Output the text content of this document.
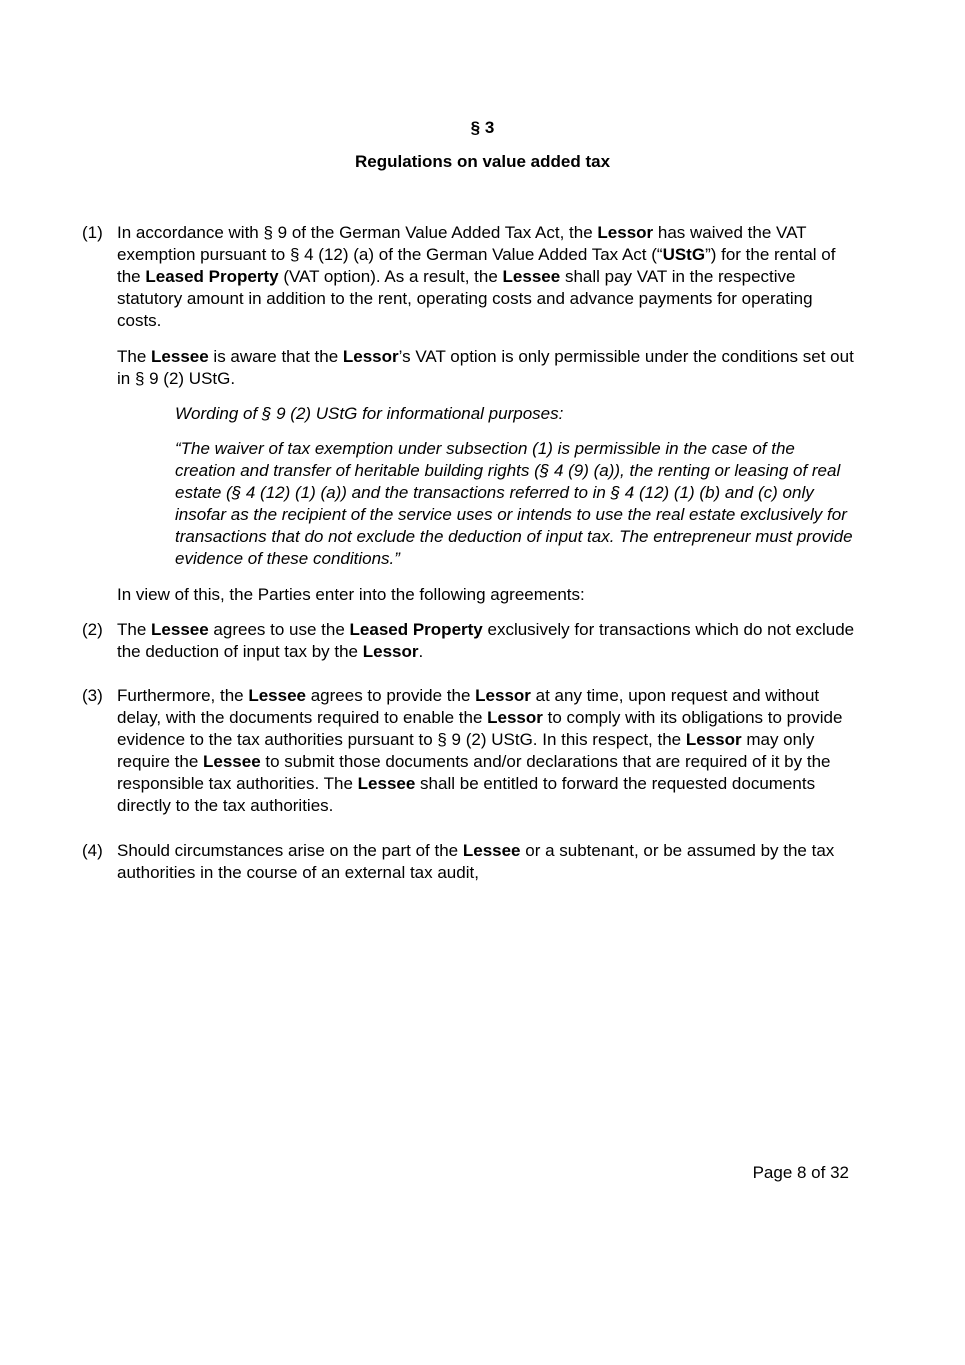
§ 3
Regulations on value added tax
(1) In accordance with § 9 of the German Value Added Tax Act, the Lessor has waived the VAT exemption pursuant to § 4 (12) (a) of the German Value Added Tax Act (“UStG”) for the rental of the Leased Property (VAT option). As a result, the Lessee shall pay VAT in the respective statutory amount in addition to the rent, operating costs and advance payments for operating costs.
The Lessee is aware that the Lessor’s VAT option is only permissible under the conditions set out in § 9 (2) UStG.
Wording of § 9 (2) UStG for informational purposes:
“The waiver of tax exemption under subsection (1) is permissible in the case of the creation and transfer of heritable building rights (§ 4 (9) (a)), the renting or leasing of real estate (§ 4 (12) (1) (a)) and the transactions referred to in § 4 (12) (1) (b) and (c) only insofar as the recipient of the service uses or intends to use the real estate exclusively for transactions that do not exclude the deduction of input tax. The entrepreneur must provide evidence of these conditions.”
In view of this, the Parties enter into the following agreements:
(2) The Lessee agrees to use the Leased Property exclusively for transactions which do not exclude the deduction of input tax by the Lessor.
(3) Furthermore, the Lessee agrees to provide the Lessor at any time, upon request and without delay, with the documents required to enable the Lessor to comply with its obligations to provide evidence to the tax authorities pursuant to § 9 (2) UStG. In this respect, the Lessor may only require the Lessee to submit those documents and/or declarations that are required of it by the responsible tax authorities. The Lessee shall be entitled to forward the requested documents directly to the tax authorities.
(4) Should circumstances arise on the part of the Lessee or a subtenant, or be assumed by the tax authorities in the course of an external tax audit,
Page 8 of 32
